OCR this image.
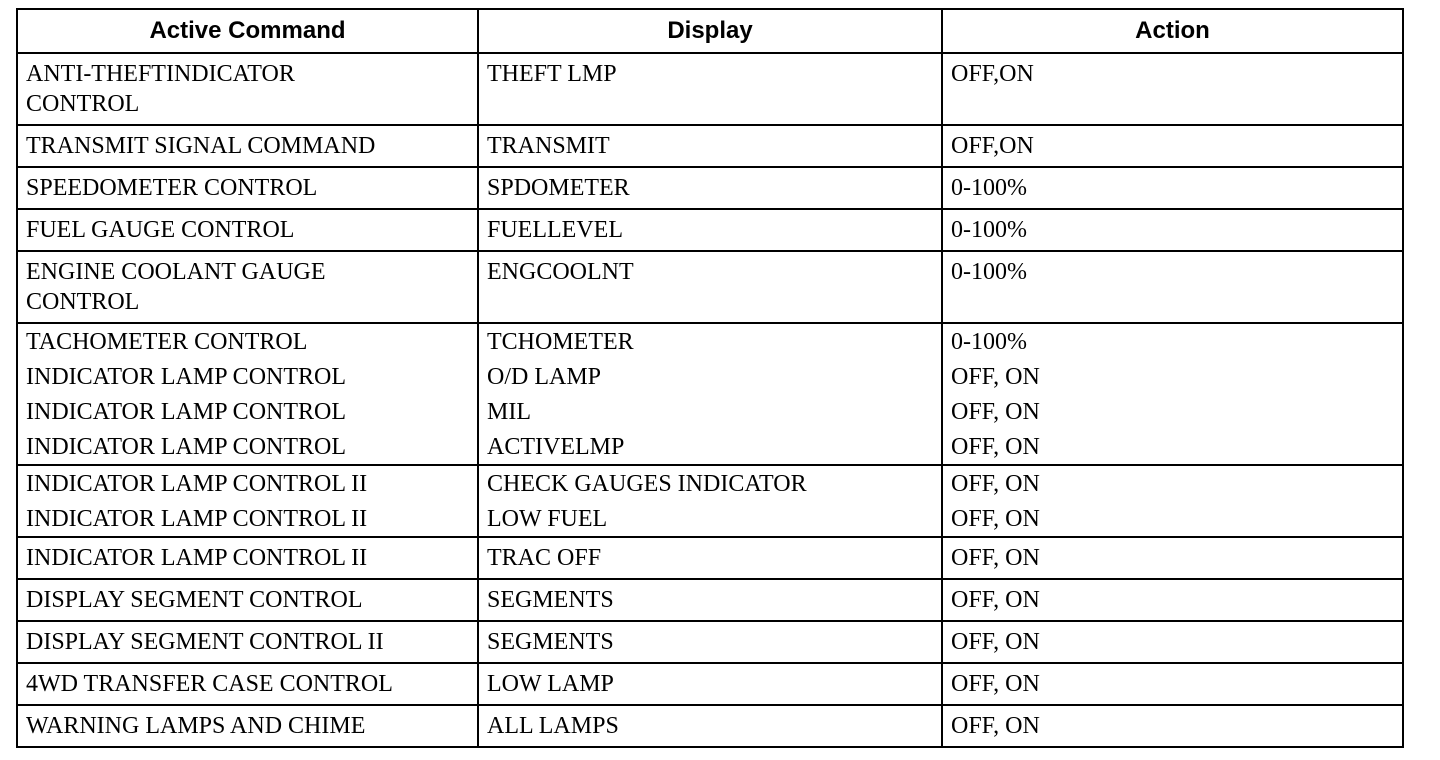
Active Command	Display	Action

ANTI-THEFTINDICATOR CONTROL	THEFT LMP	OFF,ON

TRANSMIT SIGNAL COMMAND	TRANSMIT	OFF,ON

SPEEDOMETER CONTROL	SPDOMETER	0-100%

FUEL GAUGE CONTROL	FUELLEVEL	0-100%

ENGINE COOLANT GAUGE CONTROL	ENGCOOLNT	0-100%

TACHOMETER CONTROL	TCHOMETER	0-100%

INDICATOR LAMP CONTROL	O/D LAMP	OFF, ON

INDICATOR LAMP CONTROL	MIL	OFF, ON

INDICATOR LAMP CONTROL	ACTIVELMP	OFF, ON

INDICATOR LAMP CONTROL II	CHECK GAUGES INDICATOR	OFF, ON

INDICATOR LAMP CONTROL II	LOW FUEL	OFF, ON

INDICATOR LAMP CONTROL II	TRAC OFF	OFF, ON

DISPLAY SEGMENT CONTROL	SEGMENTS	OFF, ON

DISPLAY SEGMENT CONTROL II	SEGMENTS	OFF, ON

4WD TRANSFER CASE CONTROL	LOW LAMP	OFF, ON

WARNING LAMPS AND CHIME	ALL LAMPS	OFF, ON
